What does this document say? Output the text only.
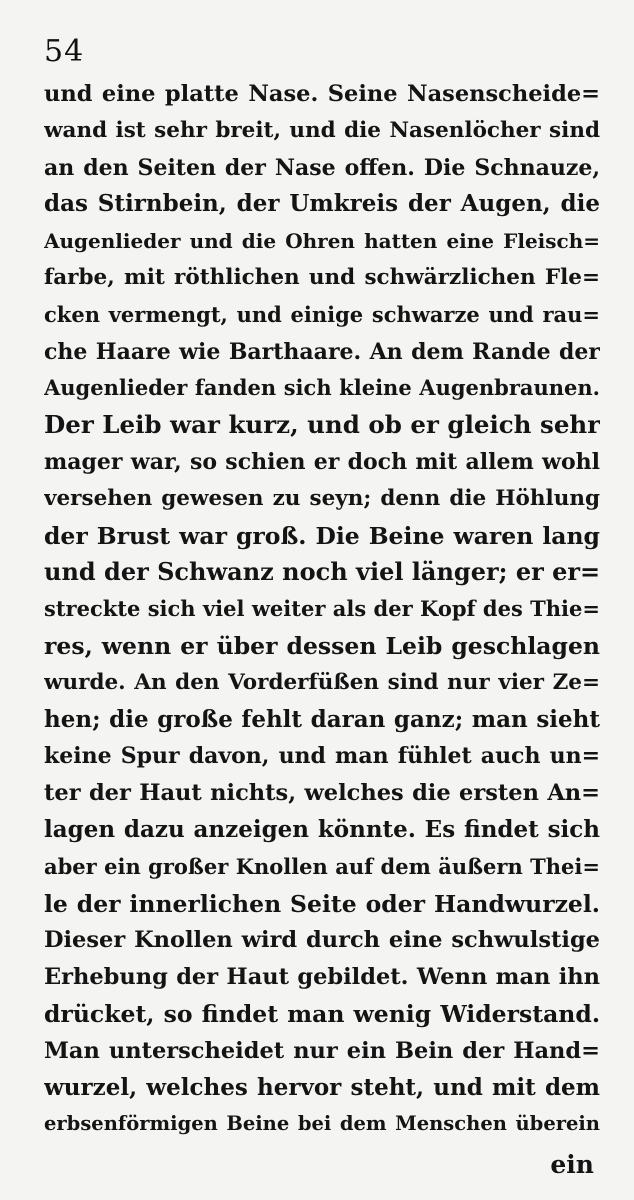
54
und eine platte Nase. Seine Nasenscheide=
wand ist sehr breit, und die Nasenlöcher sind
an den Seiten der Nase offen. Die Schnauze,
das Stirnbein, der Umkreis der Augen, die
Augenlieder und die Ohren hatten eine Fleisch=
farbe, mit röthlichen und schwärzlichen Fle=
cken vermengt, und einige schwarze und rau=
che Haare wie Barthaare. An dem Rande der
Augenlieder fanden sich kleine Augenbraunen.
Der Leib war kurz, und ob er gleich sehr
mager war, so schien er doch mit allem wohl
versehen gewesen zu seyn; denn die Höhlung
der Brust war groß. Die Beine waren lang
und der Schwanz noch viel länger; er er=
streckte sich viel weiter als der Kopf des Thie=
res, wenn er über dessen Leib geschlagen
wurde. An den Vorderfüßen sind nur vier Ze=
hen; die große fehlt daran ganz; man sieht
keine Spur davon, und man fühlet auch un=
ter der Haut nichts, welches die ersten An=
lagen dazu anzeigen könnte. Es findet sich
aber ein großer Knollen auf dem äußern Thei=
le der innerlichen Seite oder Handwurzel.
Dieser Knollen wird durch eine schwulstige
Erhebung der Haut gebildet. Wenn man ihn
drücket, so findet man wenig Widerstand.
Man unterscheidet nur ein Bein der Hand=
wurzel, welches hervor steht, und mit dem
erbsenförmigen Beine bei dem Menschen überein
ein
